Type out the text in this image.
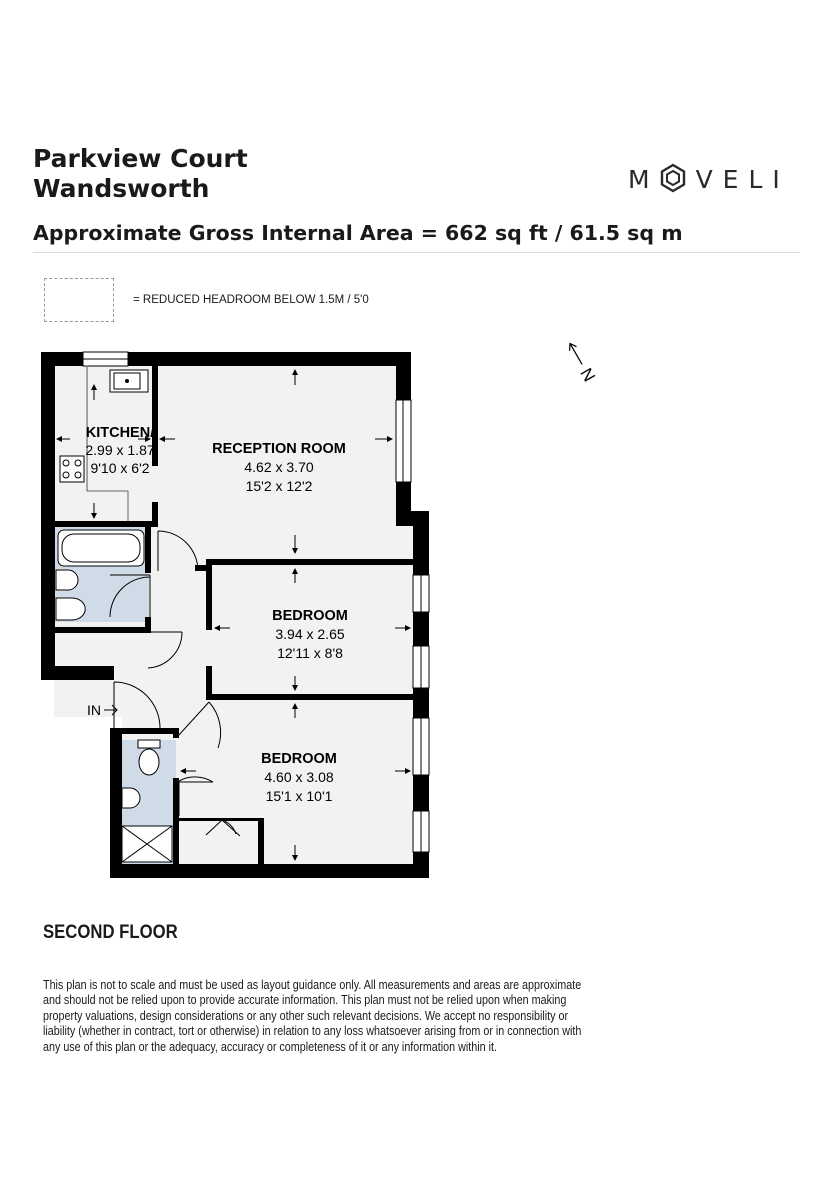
Parkview Court
Wandsworth
Approximate Gross Internal Area = 662 sq ft / 61.5 sq m
M VELI
= REDUCED HEADROOM BELOW 1.5M / 5'0
KITCHEN/
2.99 x 1.87
9'10 x 6'2
RECEPTION ROOM
4.62 x 3.70
15'2 x 12'2
BEDROOM
3.94 x 2.65
12'11 x 8'8
BEDROOM
4.60 x 3.08
15'1 x 10'1
IN
N
SECOND FLOOR

This plan is not to scale and must be used as layout guidance only. All measurements and areas are approximate and should not be relied upon to provide accurate information. This plan must not be relied upon when making property valuations, design considerations or any other such relevant decisions. We accept no responsibility or liability (whether in contract, tort or otherwise) in relation to any loss whatsoever arising from or in connection with any use of this plan or the adequacy, accuracy or completeness of it or any information within it.
